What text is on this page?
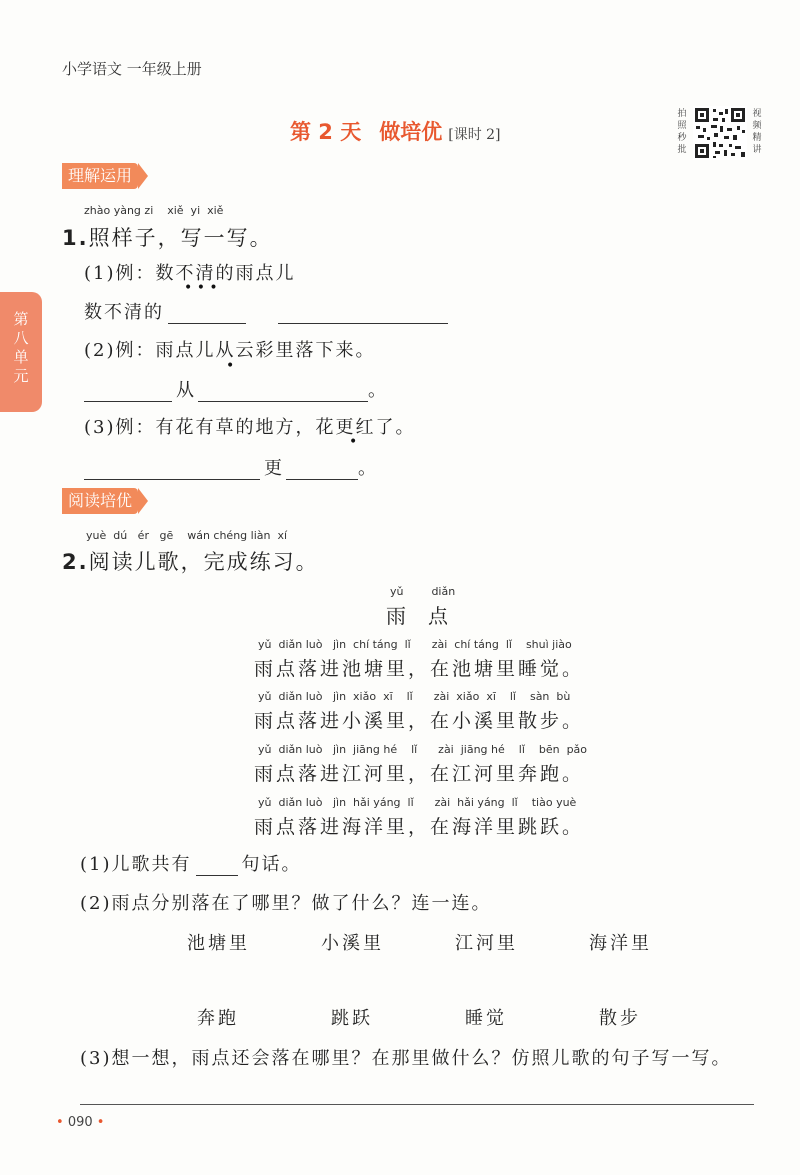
小学语文 一年级上册
第 2 天 做培优 [课时 2]
拍照秒批
视频精讲
第八单元
理解运用
zhào yàng zi    xiě  yi  xiě
1.照样子，写一写。
(1)例：数不清的雨点儿
• • •
数不清的
(2)例：雨点儿从云彩里落下来。
•
从	。
(3)例：有花有草的地方，花更红了。
•
更	。
阅读培优
yuè  dú   ér   gē    wán chéng liàn  xí
2.阅读儿歌，完成练习。
yǔ        diǎn
雨点
yǔ  diǎn luò   jìn  chí táng  lǐ      zài  chí táng  lǐ    shuì jiào
雨点落进池塘里，在池塘里睡觉。
yǔ  diǎn luò   jìn  xiǎo  xī    lǐ      zài  xiǎo  xī    lǐ    sàn  bù
雨点落进小溪里，在小溪里散步。
yǔ  diǎn luò   jìn  jiāng hé    lǐ      zài  jiāng hé    lǐ    bēn  pǎo
雨点落进江河里，在江河里奔跑。
yǔ  diǎn luò   jìn  hǎi yáng  lǐ      zài  hǎi yáng  lǐ    tiào yuè
雨点落进海洋里，在海洋里跳跃。
(1)儿歌共有	句话。
(2)雨点分别落在了哪里？做了什么？连一连。
池塘里	小溪里	江河里	海洋里
奔跑	跳跃	睡觉	散步
(3)想一想，雨点还会落在哪里？在那里做什么？仿照儿歌的句子写一写。
• 090 •
